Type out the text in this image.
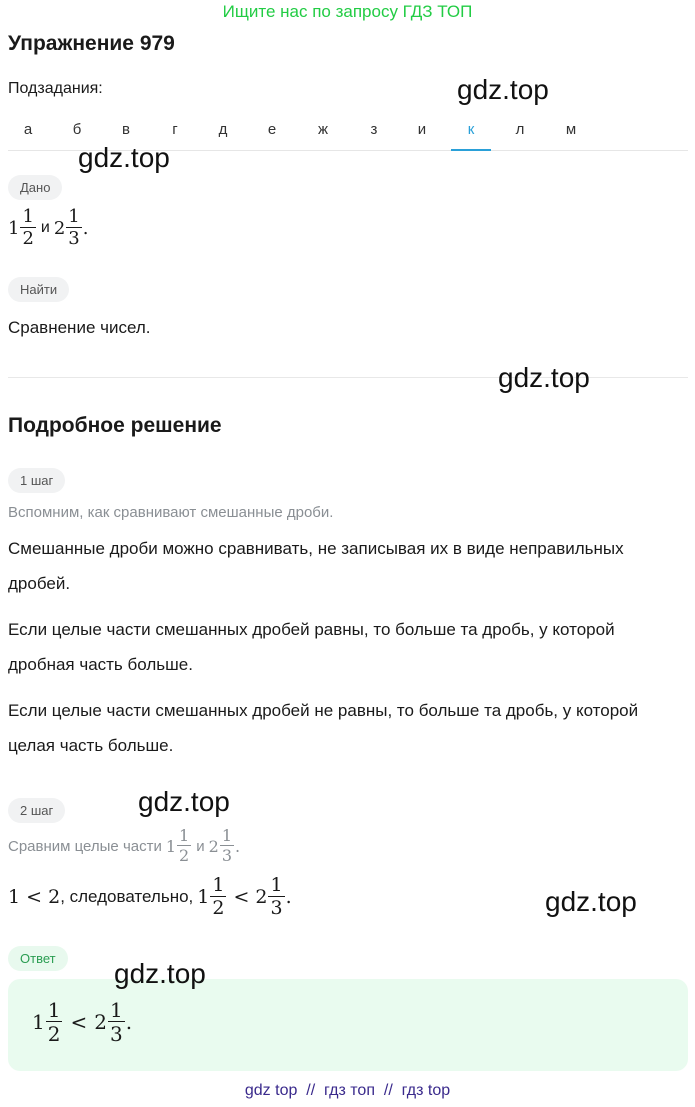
Ищите нас по запросу ГДЗ ТОП
Упражнение 979
Подзадания:	gdz.top
а	б	в	г	д	е	ж	з	и	к	л	м
gdz.top
Дано
$1 \frac{1}{2}$ и $2 \frac{1}{3}$ .
Найти
Сравнение чисел.
gdz.top
Подробное решение
1 шаг
Вспомним, как сравнивают смешанные дроби.
Смешанные дроби можно сравнивать, не записывая их в виде неправильных
дробей.
Если целые части смешанных дробей равны, то больше та дробь, у которой
дробная часть больше.
Если целые части смешанных дробей не равны, то больше та дробь, у которой
целая часть больше.
2 шаг	gdz.top
Сравним целые части $1 \frac{1}{2}$ и $2 \frac{1}{3}$ .
1 < 2 , следовательно, $1 \frac{1}{2} < 2 \frac{1}{3}$ .	gdz.top
Ответ	gdz.top
$1 \frac{1}{2} < 2 \frac{1}{3}$ .
gdz top  //  гдз топ  //  гдз top
